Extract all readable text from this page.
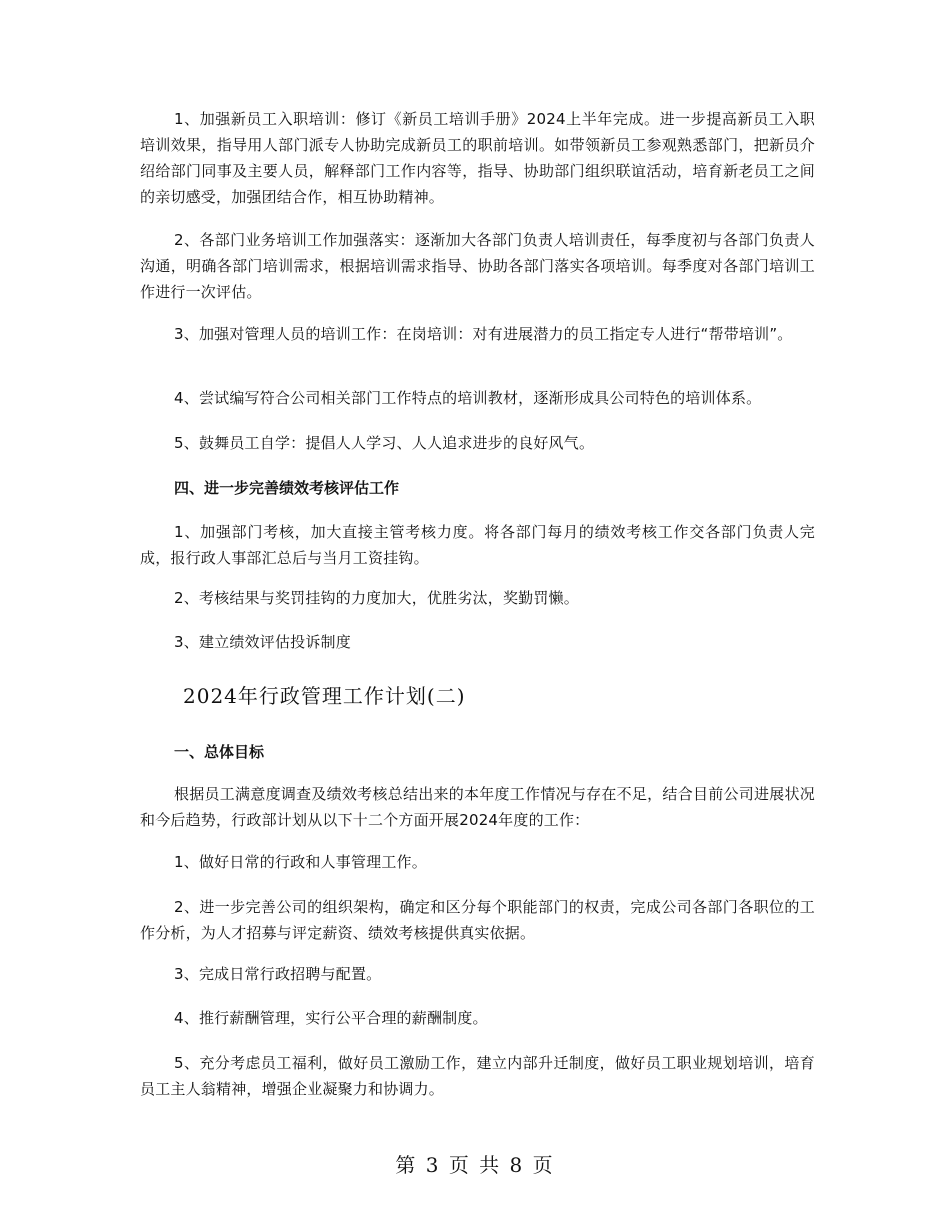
1、加强新员工入职培训：修订《新员工培训手册》2024上半年完成。进一步提高新员工入职培训效果，指导用人部门派专人协助完成新员工的职前培训。如带领新员工参观熟悉部门，把新员介绍给部门同事及主要人员，解释部门工作内容等，指导、协助部门组织联谊活动，培育新老员工之间的亲切感受，加强团结合作，相互协助精神。

2、各部门业务培训工作加强落实：逐渐加大各部门负责人培训责任，每季度初与各部门负责人沟通，明确各部门培训需求，根据培训需求指导、协助各部门落实各项培训。每季度对各部门培训工作进行一次评估。

3、加强对管理人员的培训工作：在岗培训：对有进展潜力的员工指定专人进行“帮带培训”。

4、尝试编写符合公司相关部门工作特点的培训教材，逐渐形成具公司特色的培训体系。

5、鼓舞员工自学：提倡人人学习、人人追求进步的良好风气。

四、进一步完善绩效考核评估工作

1、加强部门考核，加大直接主管考核力度。将各部门每月的绩效考核工作交各部门负责人完成，报行政人事部汇总后与当月工资挂钩。

2、考核结果与奖罚挂钩的力度加大，优胜劣汰，奖勤罚懒。

3、建立绩效评估投诉制度

2024年行政管理工作计划(二)
一、总体目标

根据员工满意度调查及绩效考核总结出来的本年度工作情况与存在不足，结合目前公司进展状况和今后趋势，行政部计划从以下十二个方面开展2024年度的工作：

1、做好日常的行政和人事管理工作。

2、进一步完善公司的组织架构，确定和区分每个职能部门的权责，完成公司各部门各职位的工作分析，为人才招募与评定薪资、绩效考核提供真实依据。

3、完成日常行政招聘与配置。

4、推行薪酬管理，实行公平合理的薪酬制度。

5、充分考虑员工福利，做好员工激励工作，建立内部升迁制度，做好员工职业规划培训，培育员工主人翁精神，增强企业凝聚力和协调力。

第 3 页 共 8 页
